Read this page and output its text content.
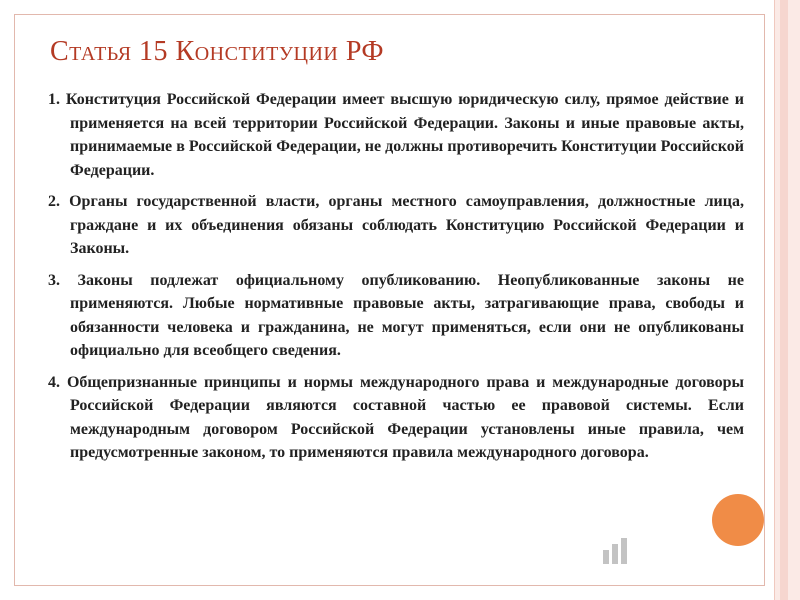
Статья 15 Конституции РФ

1. Конституция Российской Федерации имеет высшую юридическую силу, прямое действие и применяется на всей территории Российской Федерации. Законы и иные правовые акты, принимаемые в Российской Федерации, не должны противоречить Конституции Российской Федерации.

2. Органы государственной власти, органы местного самоуправления, должностные лица, граждане и их объединения обязаны соблюдать Конституцию Российской Федерации и Законы.

3. Законы подлежат официальному опубликованию. Неопубликованные законы не применяются. Любые нормативные правовые акты, затрагивающие права, свободы и обязанности человека и гражданина, не могут применяться, если они не опубликованы официально для всеобщего сведения.

4. Общепризнанные принципы и нормы международного права и международные договоры Российской Федерации являются составной частью ее правовой системы. Если международным договором Российской Федерации установлены иные правила, чем предусмотренные законом, то применяются правила международного договора.
